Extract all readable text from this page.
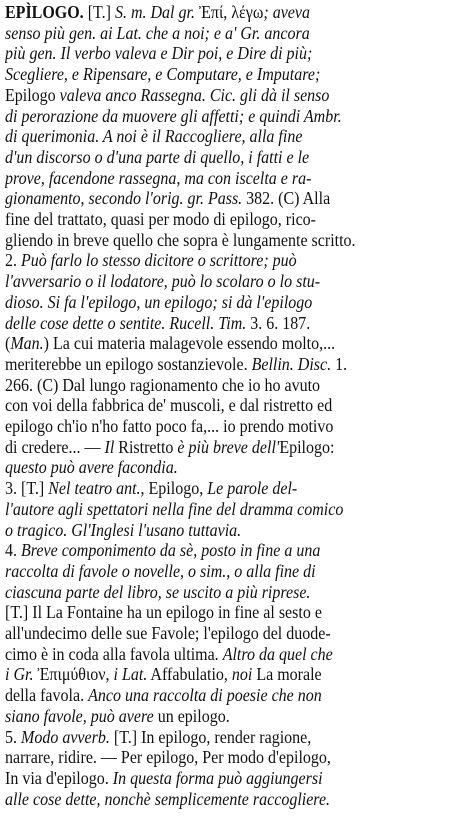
EPÌLOGO. [T.] S. m. Dal gr. Ἐπί, λέγω; aveva
senso più gen. ai Lat. che a noi; e a' Gr. ancora
più gen. Il verbo valeva e Dir poi, e Dire di più;
Scegliere, e Ripensare, e Computare, e Imputare;
Epilogo valeva anco Rassegna. Cic. gli dà il senso
di perorazione da muovere gli affetti; e quindi Ambr.
di querimonia. A noi è il Raccogliere, alla fine
d'un discorso o d'una parte di quello, i fatti e le
prove, facendone rassegna, ma con iscelta e ra-
gionamento, secondo l'orig. gr. Pass. 382. (C) Alla
fine del trattato, quasi per modo di epilogo, rico-
gliendo in breve quello che sopra è lungamente scritto.
2. Può farlo lo stesso dicitore o scrittore; può
l'avversario o il lodatore, può lo scolaro o lo stu-
dioso. Si fa l'epilogo, un epilogo; si dà l'epilogo
delle cose dette o sentite. Rucell. Tim. 3. 6. 187.
(Man.) La cui materia malagevole essendo molto,...
meriterebbe un epilogo sostanzievole. Bellin. Disc. 1.
266. (C) Dal lungo ragionamento che io ho avuto
con voi della fabbrica de' muscoli, e dal ristretto ed
epilogo ch'io n'ho fatto poco fa,... io prendo motivo
di credere... — Il Ristretto è più breve dell'Epilogo:
questo può avere facondia.
3. [T.] Nel teatro ant., Epilogo, Le parole del-
l'autore agli spettatori nella fine del dramma comico
o tragico. Gl'Inglesi l'usano tuttavia.
4. Breve componimento da sè, posto in fine a una
raccolta di favole o novelle, o sim., o alla fine di
ciascuna parte del libro, se uscito a più riprese.
[T.] Il La Fontaine ha un epilogo in fine al sesto e
all'undecimo delle sue Favole; l'epilogo del duode-
cimo è in coda alla favola ultima. Altro da quel che
i Gr. Ἐπιμύθιον, i Lat. Affabulatio, noi La morale
della favola. Anco una raccolta di poesie che non
siano favole, può avere un epilogo.
5. Modo avverb. [T.] In epilogo, render ragione,
narrare, ridire. — Per epilogo, Per modo d'epilogo,
In via d'epilogo. In questa forma può aggiungersi
alle cose dette, nonchè semplicemente raccogliere.
